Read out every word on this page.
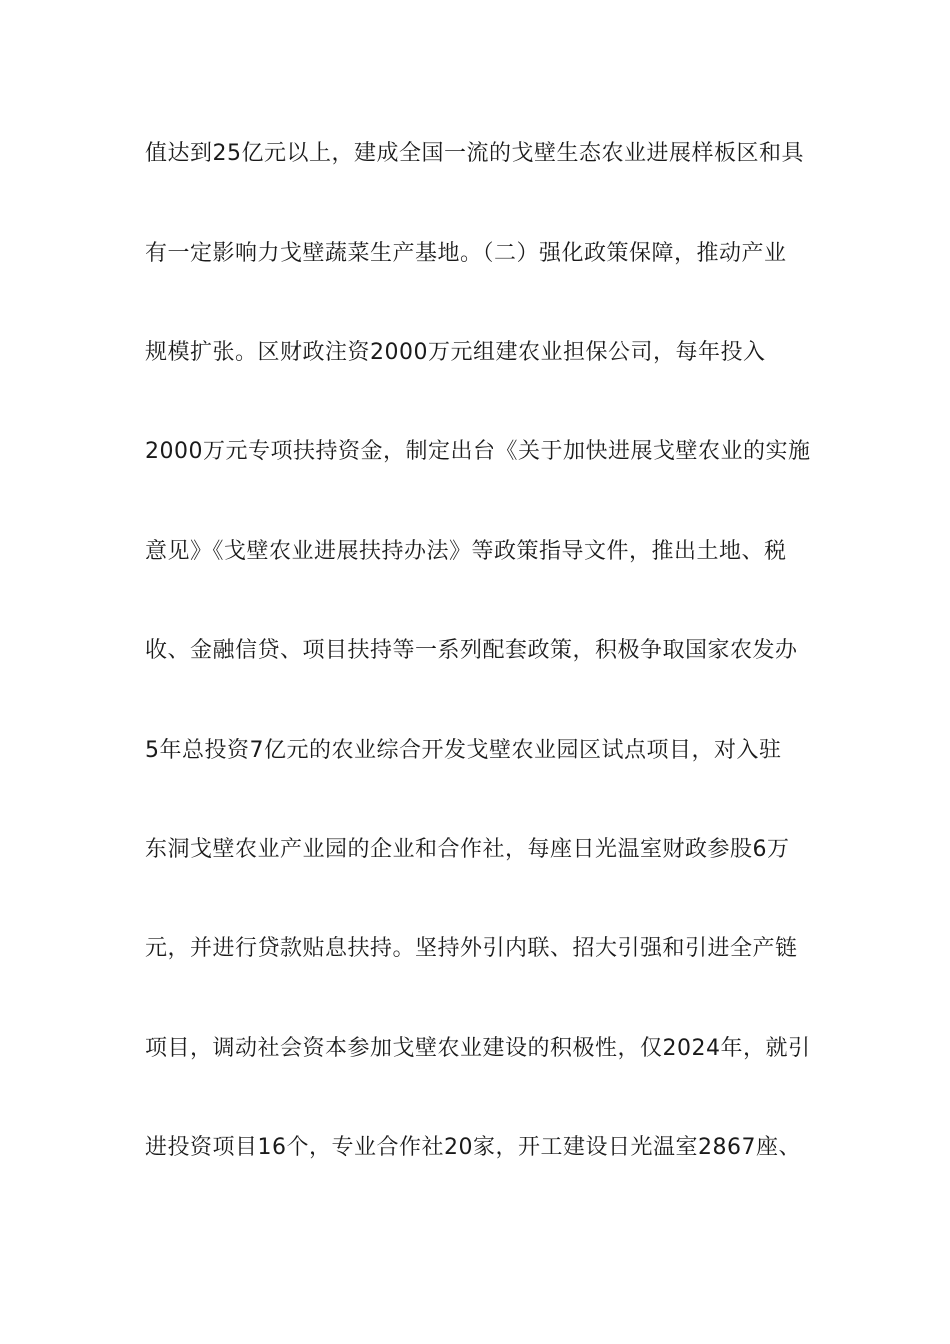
值达到25亿元以上，建成全国一流的戈壁生态农业进展样板区和具
有一定影响力戈壁蔬菜生产基地。（二）强化政策保障，推动产业
规模扩张。区财政注资2000万元组建农业担保公司，每年投入
2000万元专项扶持资金，制定出台《关于加快进展戈壁农业的实施
意见》《戈壁农业进展扶持办法》等政策指导文件，推出土地、税
收、金融信贷、项目扶持等一系列配套政策，积极争取国家农发办
5年总投资7亿元的农业综合开发戈壁农业园区试点项目，对入驻
东洞戈壁农业产业园的企业和合作社，每座日光温室财政参股6万
元，并进行贷款贴息扶持。坚持外引内联、招大引强和引进全产链
项目，调动社会资本参加戈壁农业建设的积极性，仅2024年，就引
进投资项目16个，专业合作社20家，开工建设日光温室2867座、
